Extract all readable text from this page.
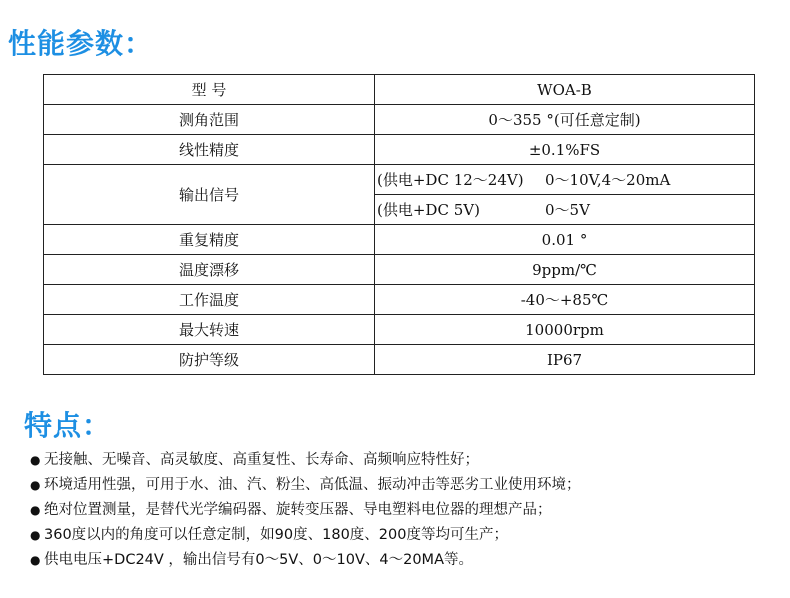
性能参数：
型 号	WOA-B
测角范围	0～355 °(可任意定制)
线性精度	±0.1%FS
输出信号	(供电+DC 12～24V) 0～10V,4～20mA
	(供电+DC 5V) 0～5V
重复精度	0.01 °
温度漂移	9ppm/℃
工作温度	-40～+85℃
最大转速	10000rpm
防护等级	IP67
特点：
● 无接触、无噪音、高灵敏度、高重复性、长寿命、高频响应特性好；
● 环境适用性强，可用于水、油、汽、粉尘、高低温、振动冲击等恶劣工业使用环境；
● 绝对位置测量，是替代光学编码器、旋转变压器、导电塑料电位器的理想产品；
● 360度以内的角度可以任意定制，如90度、180度、200度等均可生产；
● 供电电压+DC24V ，输出信号有0～5V、0～10V、4～20MA等。
